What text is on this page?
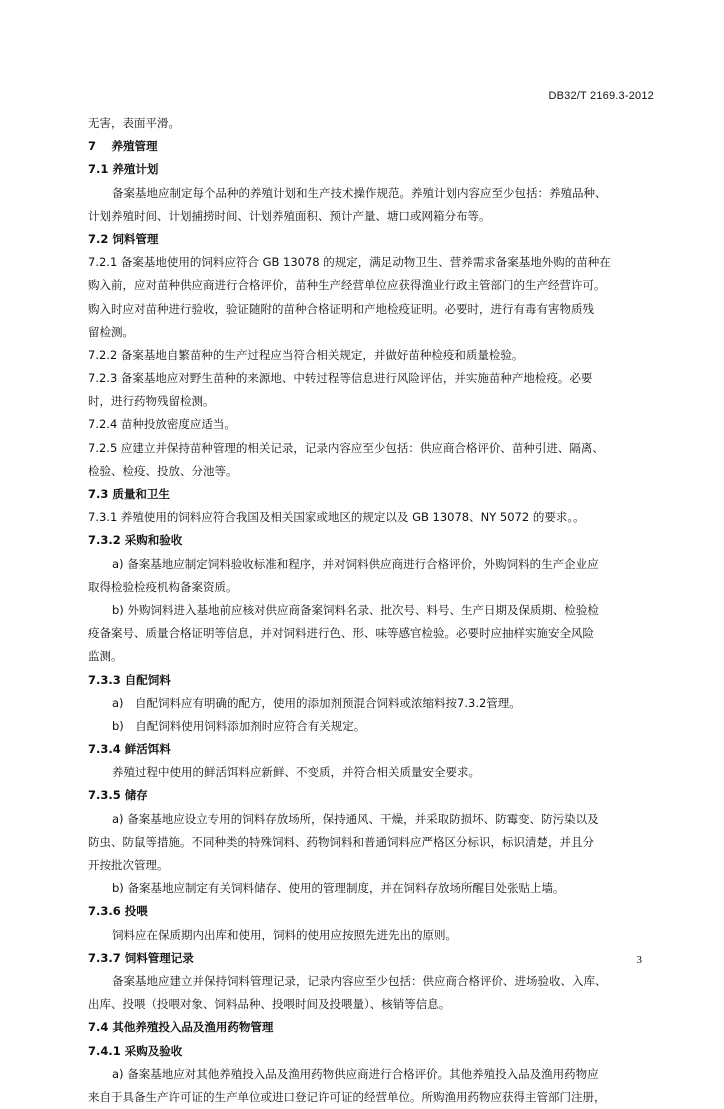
DB32/T 2169.3-2012
无害，表面平滑。
7　 养殖管理
7.1 养殖计划
备案基地应制定每个品种的养殖计划和生产技术操作规范。养殖计划内容应至少包括：养殖品种、
计划养殖时间、计划捕捞时间、计划养殖面积、预计产量、塘口或网箱分布等。
7.2 饲料管理
7.2.1 备案基地使用的饲料应符合 GB 13078 的规定，满足动物卫生、营养需求备案基地外购的苗种在
购入前，应对苗种供应商进行合格评价，苗种生产经营单位应获得渔业行政主管部门的生产经营许可。
购入时应对苗种进行验收，验证随附的苗种合格证明和产地检疫证明。必要时，进行有毒有害物质残
留检测。
7.2.2 备案基地自繁苗种的生产过程应当符合相关规定，并做好苗种检疫和质量检验。
7.2.3 备案基地应对野生苗种的来源地、中转过程等信息进行风险评估，并实施苗种产地检疫。必要
时，进行药物残留检测。
7.2.4 苗种投放密度应适当。
7.2.5 应建立并保持苗种管理的相关记录，记录内容应至少包括：供应商合格评价、苗种引进、隔离、
检验、检疫、投放、分池等。
7.3 质量和卫生
7.3.1 养殖使用的饲料应符合我国及相关国家或地区的规定以及 GB 13078、NY 5072 的要求。。
7.3.2 采购和验收
a) 备案基地应制定饲料验收标准和程序，并对饲料供应商进行合格评价，外购饲料的生产企业应
取得检验检疫机构备案资质。
b) 外购饲料进入基地前应核对供应商备案饲料名录、批次号、料号、生产日期及保质期、检验检
疫备案号、质量合格证明等信息，并对饲料进行色、形、味等感官检验。必要时应抽样实施安全风险
监测。
7.3.3 自配饲料
a)　自配饲料应有明确的配方，使用的添加剂预混合饲料或浓缩料按7.3.2管理。
b)　自配饲料使用饲料添加剂时应符合有关规定。
7.3.4 鲜活饵料
养殖过程中使用的鲜活饵料应新鲜、不变质，并符合相关质量安全要求。
7.3.5 储存
a) 备案基地应设立专用的饲料存放场所，保持通风、干燥，并采取防损坏、防霉变、防污染以及
防虫、防鼠等措施。不同种类的特殊饲料、药物饲料和普通饲料应严格区分标识，标识清楚，并且分
开按批次管理。
b) 备案基地应制定有关饲料储存、使用的管理制度，并在饲料存放场所醒目处张贴上墙。
7.3.6 投喂
饲料应在保质期内出库和使用，饲料的使用应按照先进先出的原则。
7.3.7 饲料管理记录
备案基地应建立并保持饲料管理记录，记录内容应至少包括：供应商合格评价、进场验收、入库、
出库、投喂（投喂对象、饲料品种、投喂时间及投喂量）、核销等信息。
7.4 其他养殖投入品及渔用药物管理
7.4.1 采购及验收
a) 备案基地应对其他养殖投入品及渔用药物供应商进行合格评价。其他养殖投入品及渔用药物应
来自于具备生产许可证的生产单位或进口登记许可证的经营单位。所购渔用药物应获得主管部门注册，
3
